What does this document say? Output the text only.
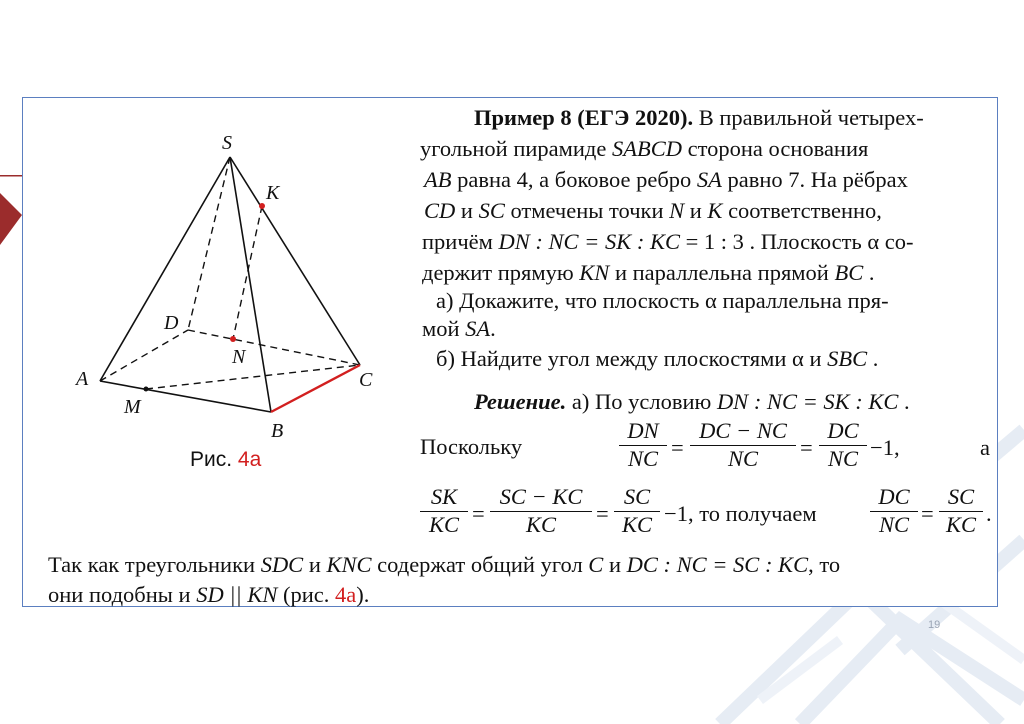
S
K
D
N
A	C
M
B
Рис. 4а
Пример 8 (ЕГЭ 2020). В правильной четырех-
угольной пирамиде SABCD сторона основания
AB равна 4, а боковое ребро SA равно 7. На рёбрах
CD и SC отмечены точки N и K соответственно,
причём DN : NC = SK : KC = 1 : 3 . Плоскость α со-
держит прямую KN и параллельна прямой BC .
а) Докажите, что плоскость α параллельна пря-
мой SA.
б) Найдите угол между плоскостями α и SBC .
Решение. а) По условию DN : NC = SK : KC .
Поскольку
DN
NC =
DC − NC
NC	=
DC
NC −1,	а
SK
KC =
SC − KC
KC	=
SC
KC −1, то получаем
DC
NC =
SC
KC .
Так как треугольники SDC и KNC содержат общий угол C и DC : NC = SC : KC, то
они подобны и SD || KN (рис. 4а).
19
